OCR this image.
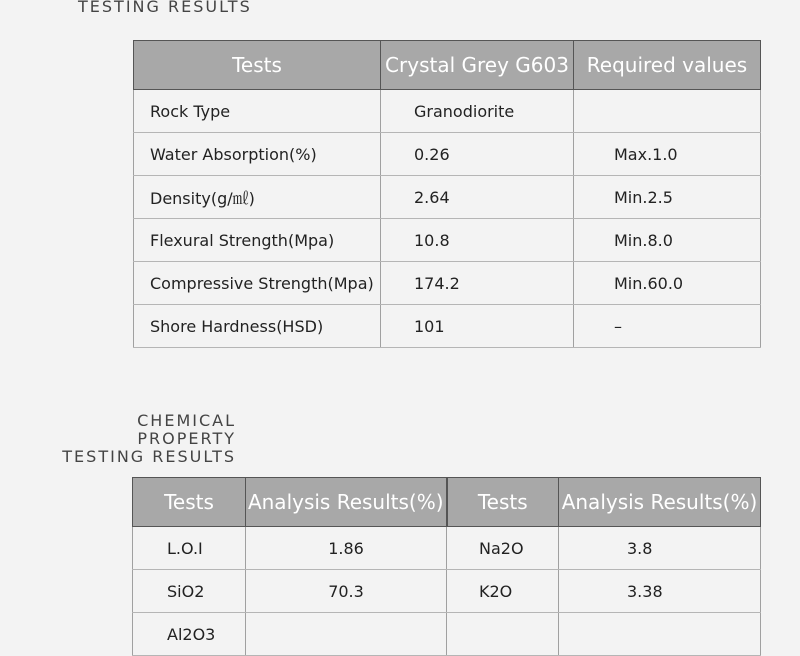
TESTING RESULTS
Tests	Crystal Grey G603	Required values
Rock Type	Granodiorite	
Water Absorption(%)	0.26	Max.1.0
Density(g/㎖)	2.64	Min.2.5
Flexural Strength(Mpa)	10.8	Min.8.0
Compressive Strength(Mpa)	174.2	Min.60.0
Shore Hardness(HSD)	101	–
CHEMICAL PROPERTY
TESTING RESULTS
Tests	Analysis Results(%)	Tests	Analysis Results(%)
L.O.I	1.86	Na2O	3.8
SiO2	70.3	K2O	3.38
Al2O3			
